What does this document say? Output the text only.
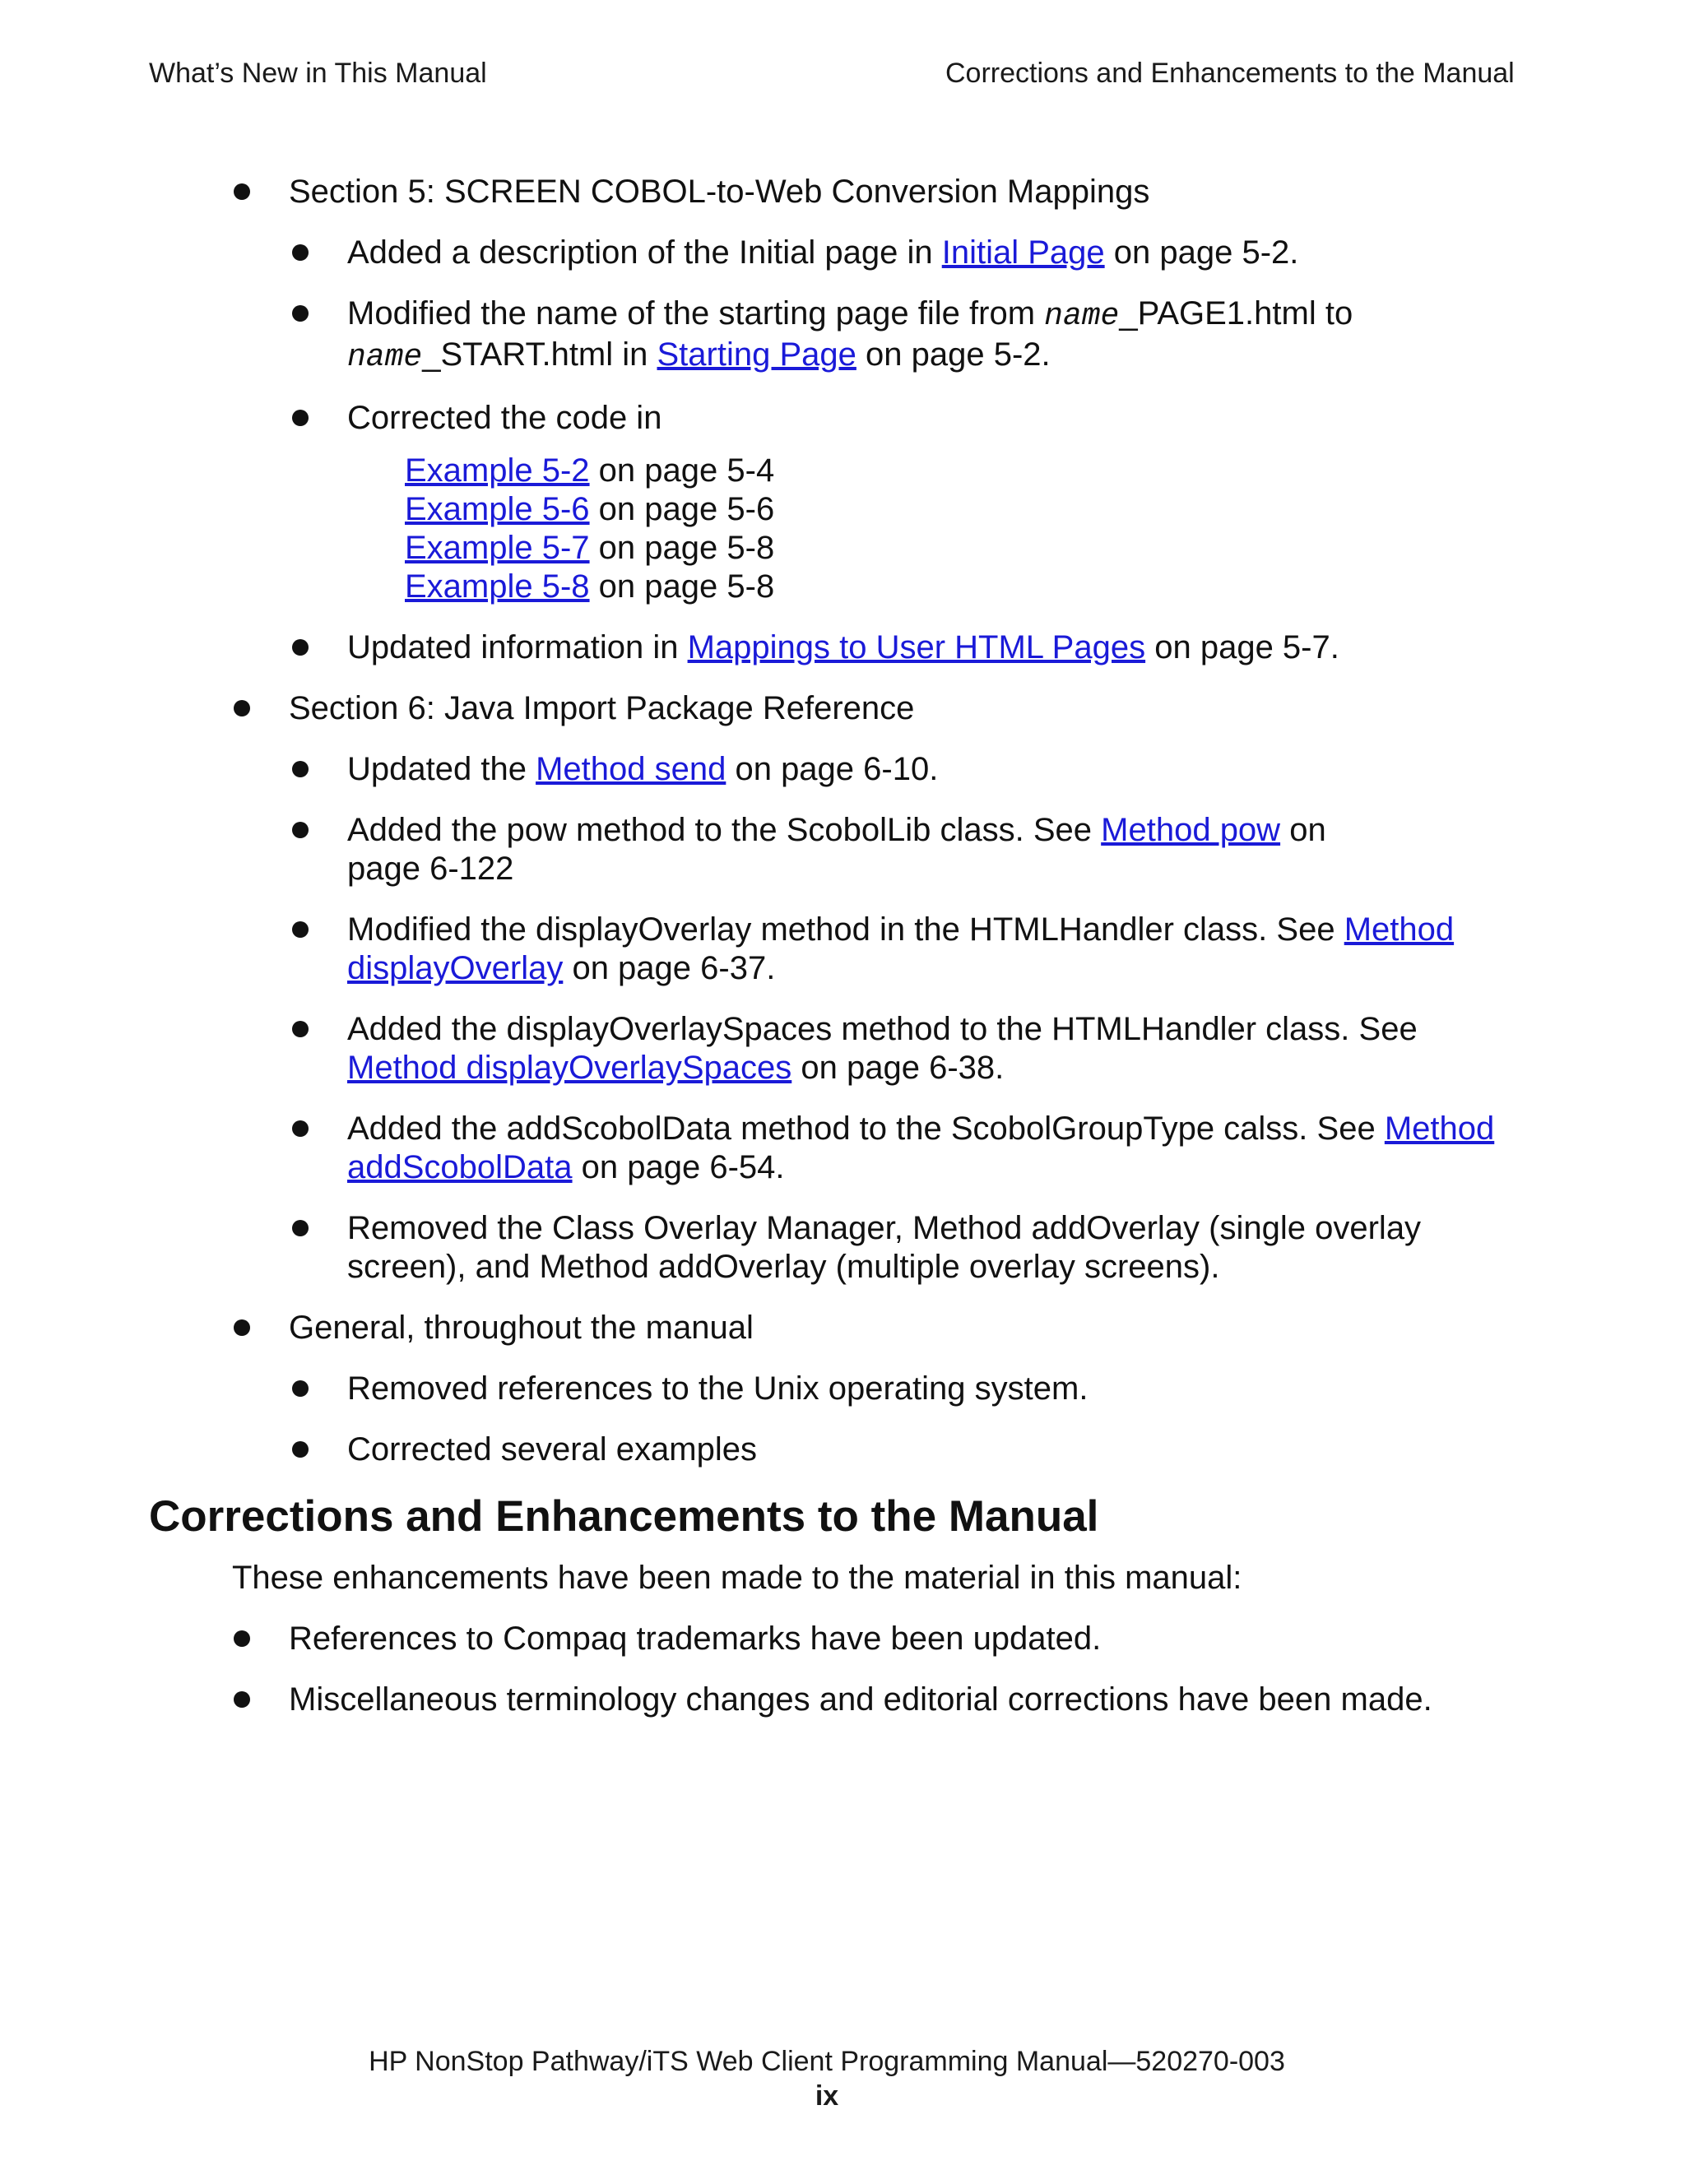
What’s New in This Manual	Corrections and Enhancements to the Manual
Section 5: SCREEN COBOL-to-Web Conversion Mappings
Added a description of the Initial page in Initial Page on page 5-2.
Modified the name of the starting page file from name_PAGE1.html to
name_START.html in Starting Page on page 5-2.
Corrected the code in
Example 5-2 on page 5-4
Example 5-6 on page 5-6
Example 5-7 on page 5-8
Example 5-8 on page 5-8
Updated information in Mappings to User HTML Pages on page 5-7.
Section 6: Java Import Package Reference
Updated the Method send on page 6-10.
Added the pow method to the ScobolLib class. See Method pow on
page 6-122
Modified the displayOverlay method in the HTMLHandler class. See Method
displayOverlay on page 6-37.
Added the displayOverlaySpaces method to the HTMLHandler class. See
Method displayOverlaySpaces on page 6-38.
Added the addScobolData method to the ScobolGroupType calss. See Method
addScobolData on page 6-54.
Removed the Class Overlay Manager, Method addOverlay (single overlay
screen), and Method addOverlay (multiple overlay screens).
General, throughout the manual
Removed references to the Unix operating system.
Corrected several examples
Corrections and Enhancements to the Manual
These enhancements have been made to the material in this manual:
References to Compaq trademarks have been updated.
Miscellaneous terminology changes and editorial corrections have been made.
HP NonStop Pathway/iTS Web Client Programming Manual—520270-003
ix
